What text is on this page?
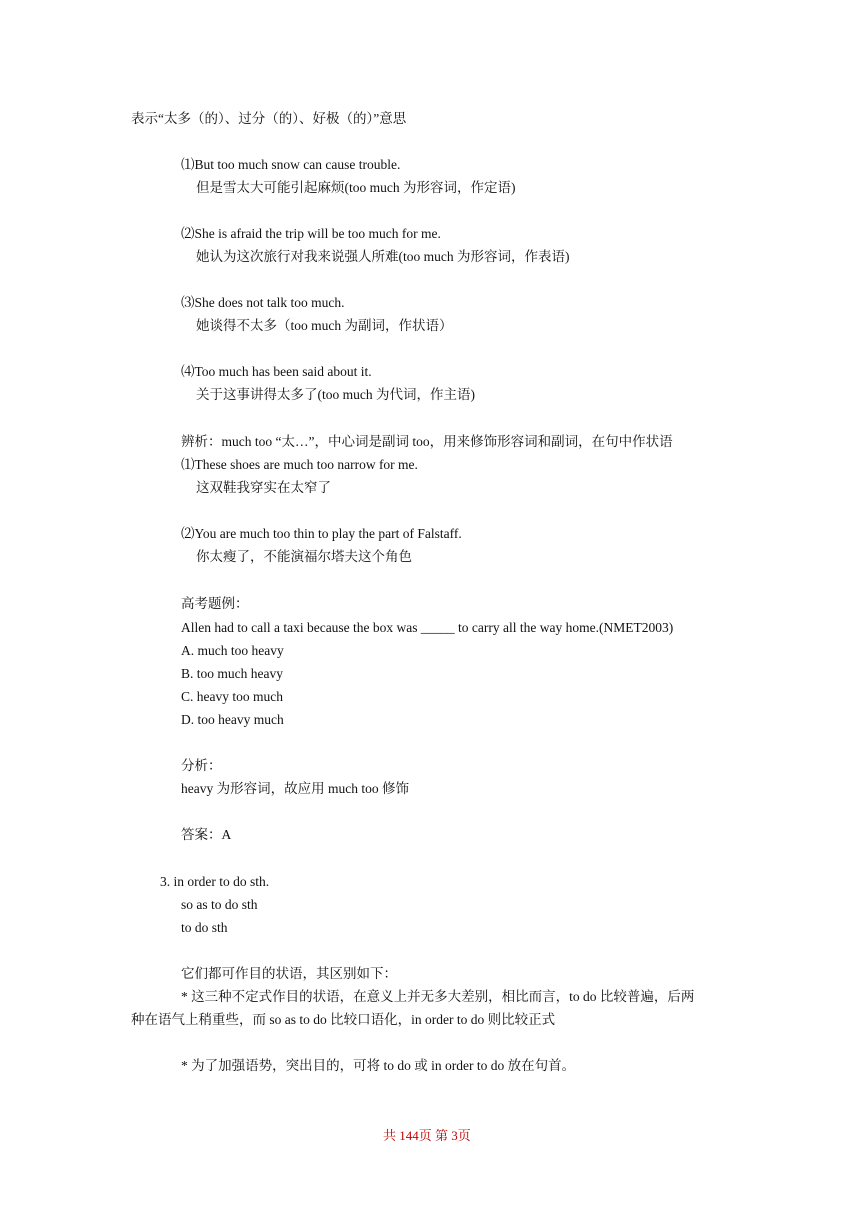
表示“太多（的）、过分（的）、好极（的）”意思
⑴But too much snow can cause trouble.
但是雪太大可能引起麻烦(too much 为形容词，作定语)
⑵She is afraid the trip will be too much for me.
她认为这次旅行对我来说强人所难(too much 为形容词，作表语)
⑶She does not talk too much.
她谈得不太多（too much 为副词，作状语）
⑷Too much has been said about it.
关于这事讲得太多了(too much 为代词，作主语)
辨析：much too “太…”，中心词是副词 too，用来修饰形容词和副词，在句中作状语
⑴These shoes are much too narrow for me.
这双鞋我穿实在太窄了
⑵You are much too thin to play the part of Falstaff.
你太瘦了，不能演福尔塔夫这个角色
高考题例：
Allen had to call a taxi because the box was _____ to carry all the way home.(NMET2003)
A. much too heavy
B. too much heavy
C. heavy too much
D. too heavy much
分析：
heavy 为形容词，故应用 much too 修饰
答案：A
3. in order to do sth.
so as to do sth
to do sth
它们都可作目的状语，其区别如下：
* 这三种不定式作目的状语，在意义上并无多大差别，相比而言，to do 比较普遍，后两
种在语气上稍重些，而 so as to do 比较口语化，in order to do 则比较正式
* 为了加强语势，突出目的，可将 to do 或 in order to do 放在句首。
共 144页 第 3页
